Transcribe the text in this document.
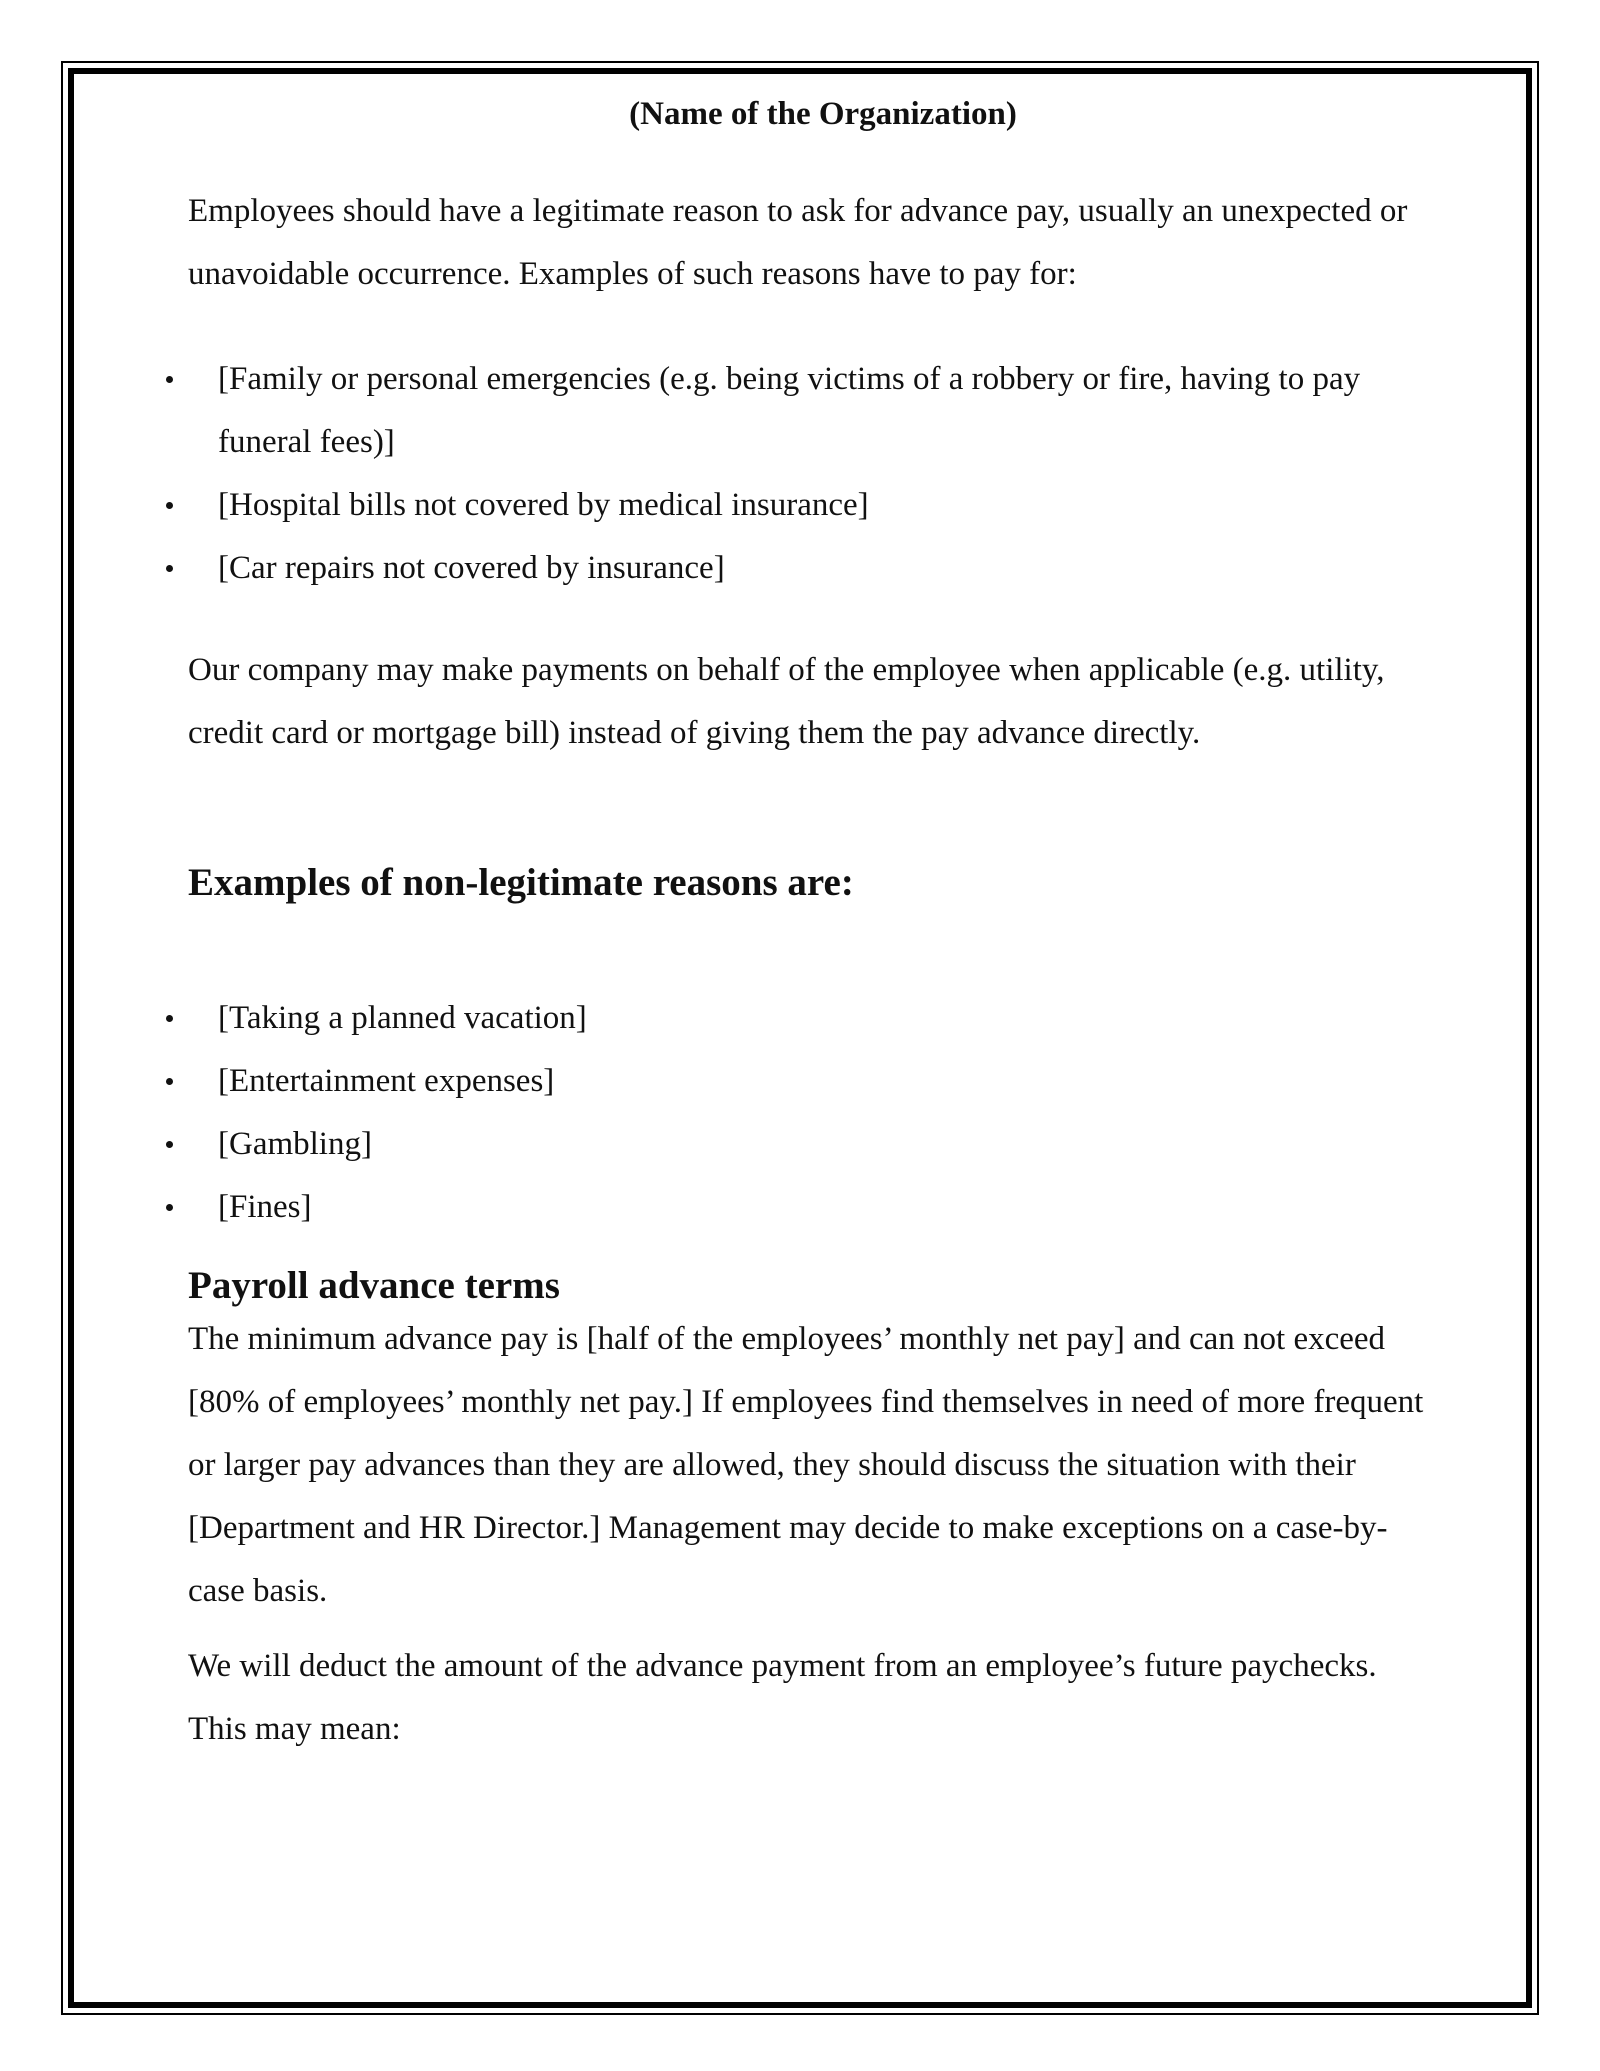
(Name of the Organization)

Employees should have a legitimate reason to ask for advance pay, usually an unexpected or unavoidable occurrence. Examples of such reasons have to pay for:

[Family or personal emergencies (e.g. being victims of a robbery or fire, having to pay funeral fees)]
[Hospital bills not covered by medical insurance]
[Car repairs not covered by insurance]

Our company may make payments on behalf of the employee when applicable (e.g. utility, credit card or mortgage bill) instead of giving them the pay advance directly.

Examples of non-legitimate reasons are:
[Taking a planned vacation]
[Entertainment expenses]
[Gambling]
[Fines]
Payroll advance terms

The minimum advance pay is [half of the employees’ monthly net pay] and can not exceed [80% of employees’ monthly net pay.] If employees find themselves in need of more frequent or larger pay advances than they are allowed, they should discuss the situation with their [Department and HR Director.] Management may decide to make exceptions on a case-by-case basis.

We will deduct the amount of the advance payment from an employee’s future paychecks. This may mean:
